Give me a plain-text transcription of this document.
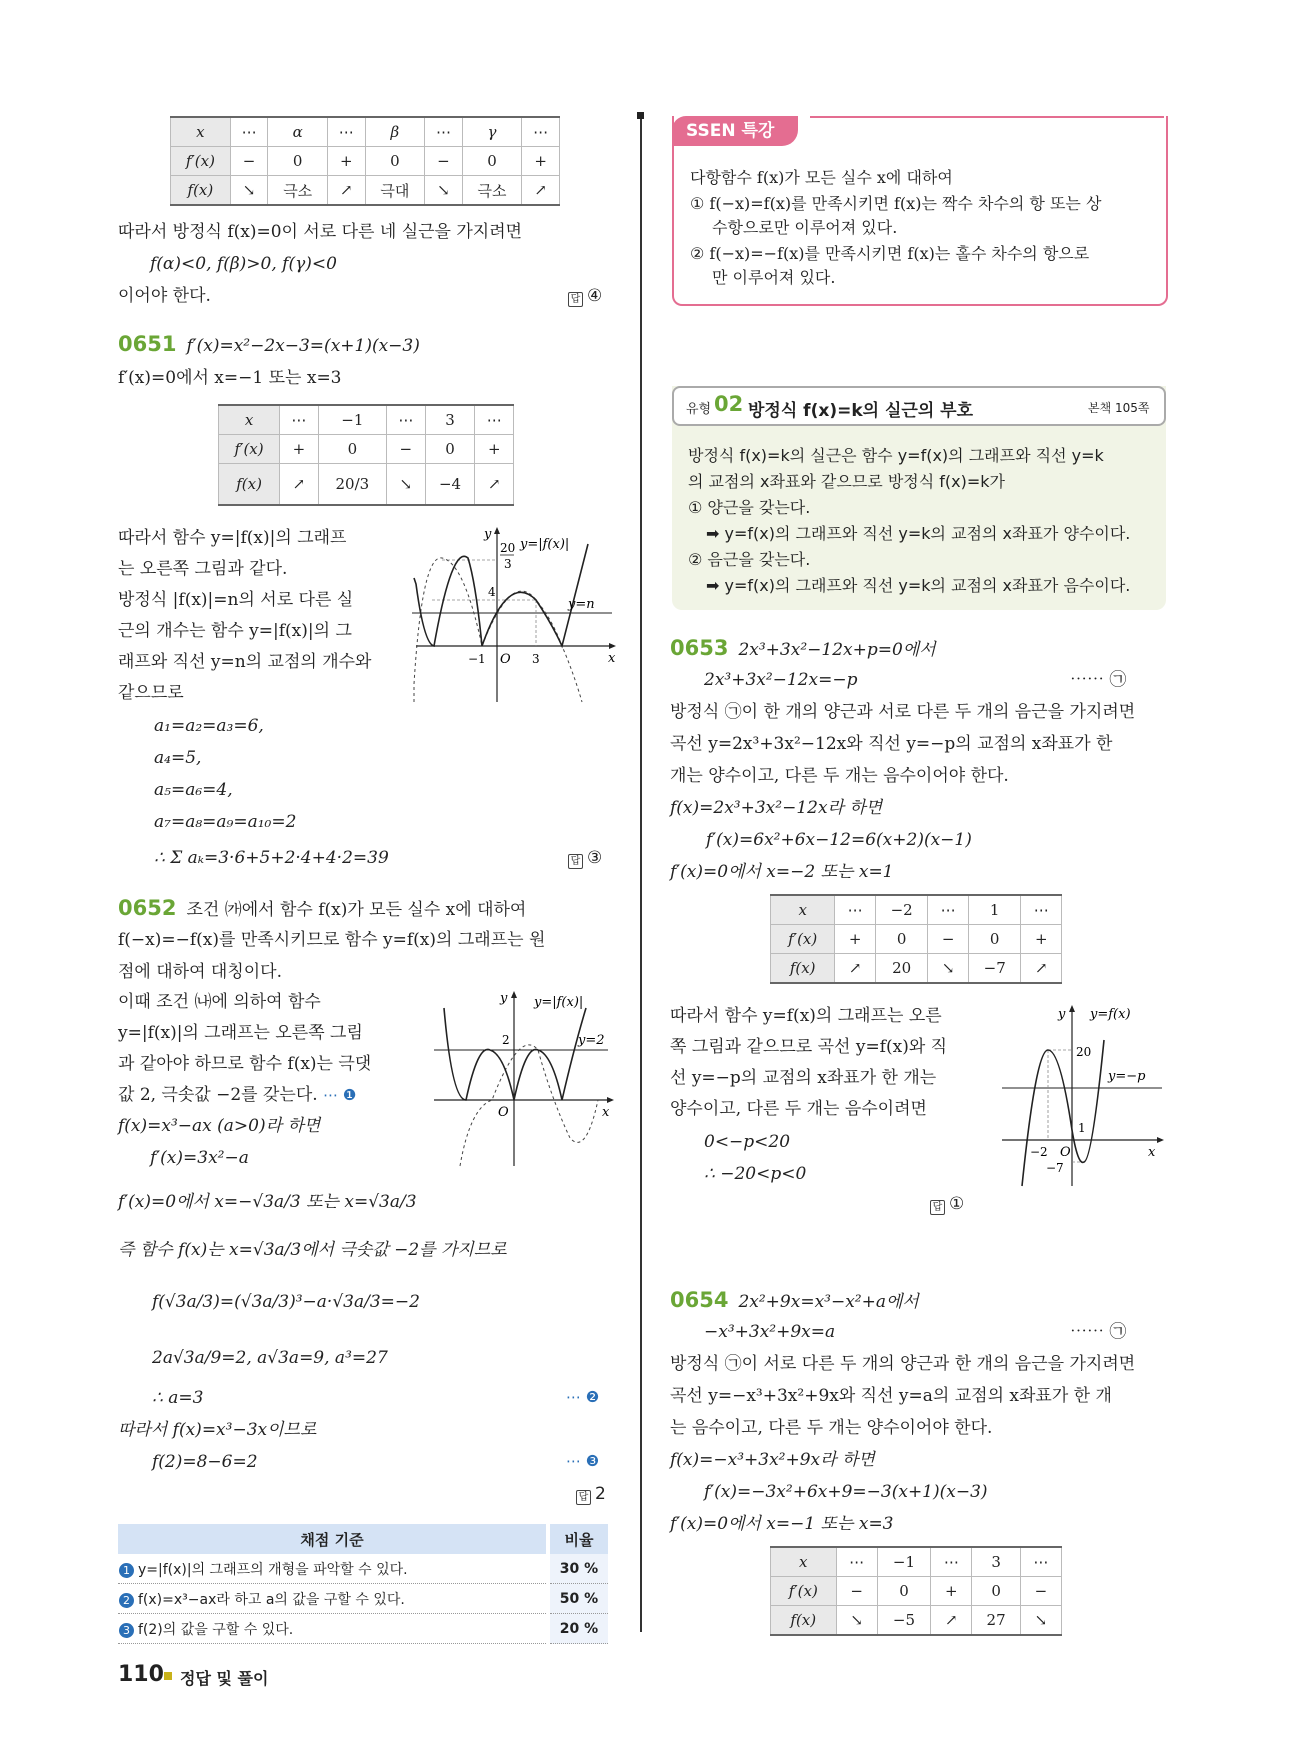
x	⋯	α	⋯	β	⋯	γ	⋯
f′(x)	−	0	+	0	−	0	+
f(x)	↘	극소	↗	극대	↘	극소	↗
따라서 방정식 f(x)=0이 서로 다른 네 실근을 가지려면
f(α)<0, f(β)>0, f(γ)<0
이어야 한다.	답 ④
0651 f′(x)=x²−2x−3=(x+1)(x−3)
f′(x)=0에서 x=−1 또는 x=3
x	⋯	−1	⋯	3	⋯
f′(x)	+	0	−	0	+
f(x)	↗	20/3	↘	−4	↗
따라서 함수 y=|f(x)|의 그래프
는 오른쪽 그림과 같다.
방정식 |f(x)|=n의 서로 다른 실
근의 개수는 함수 y=|f(x)|의 그
래프와 직선 y=n의 교점의 개수와
같으므로
y
x
O
y=|f(x)|
y=n
20
3
4
−1	3
a₁=a₂=a₃=6,
a₄=5,
a₅=a₆=4,
a₇=a₈=a₉=a₁₀=2
∴ Σ aₖ=3·6+5+2·4+4·2=39	답 ③
0652 조건 ㈎에서 함수 f(x)가 모든 실수 x에 대하여
f(−x)=−f(x)를 만족시키므로 함수 y=f(x)의 그래프는 원
점에 대하여 대칭이다.
이때 조건 ㈏에 의하여 함수
y=|f(x)|의 그래프는 오른쪽 그림
과 같아야 하므로 함수 f(x)는 극댓
값 2, 극솟값 −2를 갖는다. ⋯ ❶
y
x
O
y=|f(x)|
y=2
2
f(x)=x³−ax (a>0)라 하면
f′(x)=3x²−a
f′(x)=0에서 x=−√3a/3 또는 x=√3a/3
즉 함수 f(x)는 x=√3a/3에서 극솟값 −2를 가지므로
f(√3a/3)=(√3a/3)³−a·√3a/3=−2
2a√3a/9=2, a√3a=9, a³=27
∴ a=3	⋯ ❷
따라서 f(x)=x³−3x이므로
f(2)=8−6=2	⋯ ❸
답 2
채점 기준	비율
1 y=|f(x)|의 그래프의 개형을 파악할 수 있다.	30 %
2 f(x)=x³−ax라 하고 a의 값을 구할 수 있다.	50 %
3 f(2)의 값을 구할 수 있다.	20 %
110 정답 및 풀이
SSEN 특강
다항함수 f(x)가 모든 실수 x에 대하여
① f(−x)=f(x)를 만족시키면 f(x)는 짝수 차수의 항 또는 상
수항으로만 이루어져 있다.
② f(−x)=−f(x)를 만족시키면 f(x)는 홀수 차수의 항으로
만 이루어져 있다.
유형 02 방정식 f(x)=k의 실근의 부호	본책 105쪽
방정식 f(x)=k의 실근은 함수 y=f(x)의 그래프와 직선 y=k
의 교점의 x좌표와 같으므로 방정식 f(x)=k가
① 양근을 갖는다.
➡ y=f(x)의 그래프와 직선 y=k의 교점의 x좌표가 양수이다.
② 음근을 갖는다.
➡ y=f(x)의 그래프와 직선 y=k의 교점의 x좌표가 음수이다.
0653 2x³+3x²−12x+p=0에서
2x³+3x²−12x=−p	⋯⋯ ㉠
방정식 ㉠이 한 개의 양근과 서로 다른 두 개의 음근을 가지려면
곡선 y=2x³+3x²−12x와 직선 y=−p의 교점의 x좌표가 한
개는 양수이고, 다른 두 개는 음수이어야 한다.
f(x)=2x³+3x²−12x라 하면
f′(x)=6x²+6x−12=6(x+2)(x−1)
f′(x)=0에서 x=−2 또는 x=1
x	⋯	−2	⋯	1	⋯
f′(x)	+	0	−	0	+
f(x)	↗	20	↘	−7	↗
따라서 함수 y=f(x)의 그래프는 오른
쪽 그림과 같으므로 곡선 y=f(x)와 직
선 y=−p의 교점의 x좌표가 한 개는
양수이고, 다른 두 개는 음수이려면
0<−p<20
∴ −20<p<0
답 ①
y
x
O
y=f(x)
y=−p
20
1
−2
−7
0654 2x²+9x=x³−x²+a에서
−x³+3x²+9x=a	⋯⋯ ㉠
방정식 ㉠이 서로 다른 두 개의 양근과 한 개의 음근을 가지려면
곡선 y=−x³+3x²+9x와 직선 y=a의 교점의 x좌표가 한 개
는 음수이고, 다른 두 개는 양수이어야 한다.
f(x)=−x³+3x²+9x라 하면
f′(x)=−3x²+6x+9=−3(x+1)(x−3)
f′(x)=0에서 x=−1 또는 x=3
x	⋯	−1	⋯	3	⋯
f′(x)	−	0	+	0	−
f(x)	↘	−5	↗	27	↘
